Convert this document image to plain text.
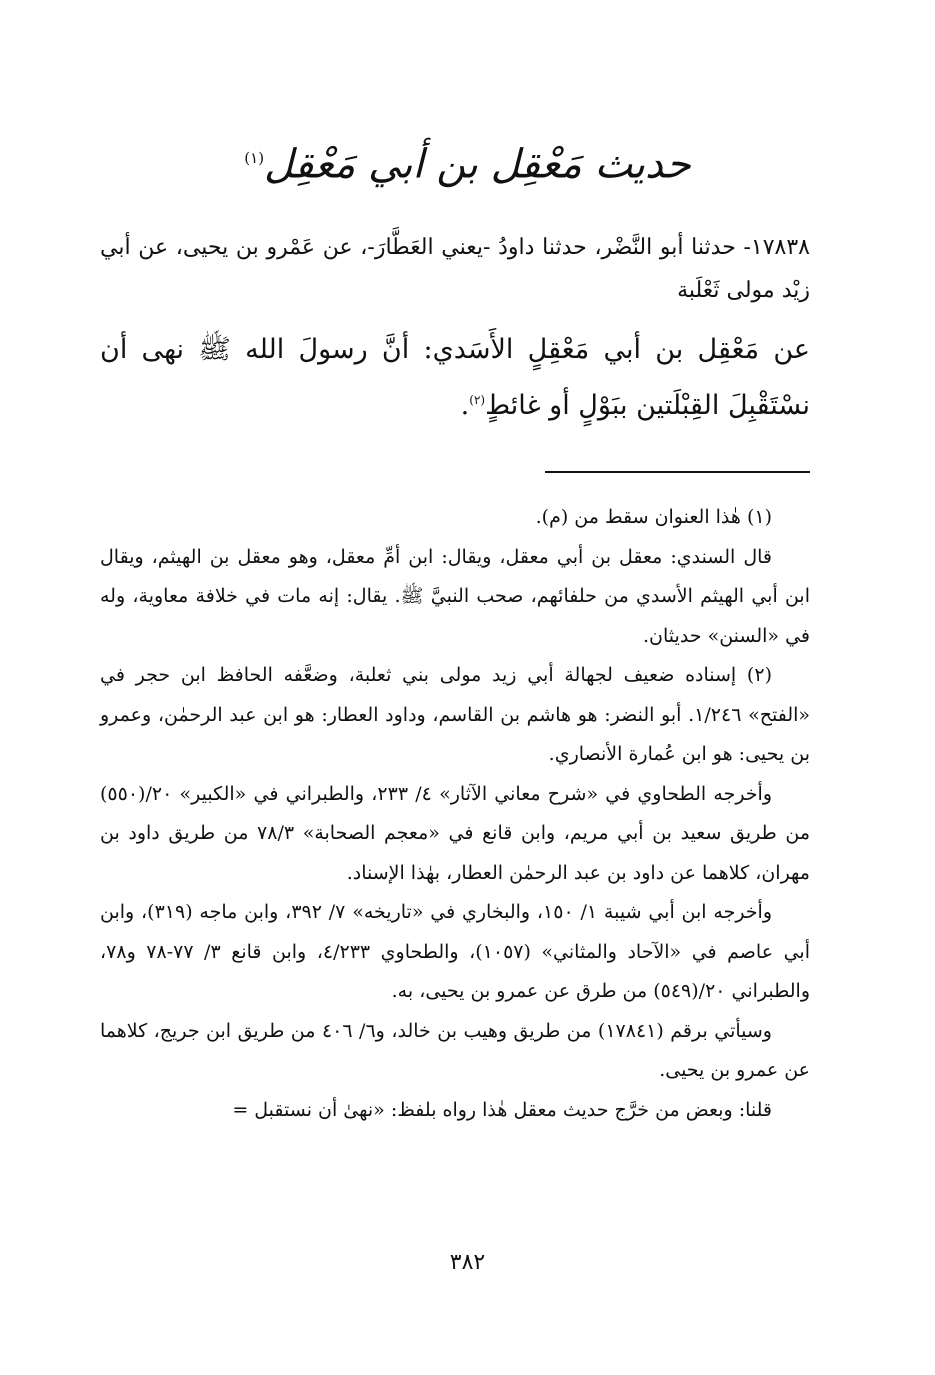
حديث مَعْقِل بن أبي مَعْقِل$^{(١)}$
١٧٨٣٨- حدثنا أبو النَّضْر، حدثنا داودُ -يعني العَطَّارَ-، عن عَمْرو بن يحيى، عن أبي زيْد مولى ثَعْلَبة
عن مَعْقِل بن أبي مَعْقِلٍ الأَسَدي: أنَّ رسولَ الله ﷺ نهى أن نسْتَقْبِلَ القِبْلَتين ببَوْلٍ أو غائطٍ$^{(٢)}$.

(١) هٰذا العنوان سقط من (م).

قال السندي: معقل بن أبي معقل، ويقال: ابن أمِّ معقل، وهو معقل بن الهيثم، ويقال ابن أبي الهيثم الأسدي من حلفائهم، صحب النبيَّ ﷺ. يقال: إنه مات في خلافة معاوية، وله في «السنن» حديثان.

(٢) إسناده ضعيف لجهالة أبي زيد مولى بني ثعلبة، وضعَّفه الحافظ ابن حجر في «الفتح» ١/٢٤٦. أبو النضر: هو هاشم بن القاسم، وداود العطار: هو ابن عبد الرحمٰن، وعمرو بن يحيى: هو ابن عُمارة الأنصاري.

وأخرجه الطحاوي في «شرح معاني الآثار» ٤/ ٢٣٣، والطبراني في «الكبير» ٢٠/(٥٥٠) من طريق سعيد بن أبي مريم، وابن قانع في «معجم الصحابة» ٧٨/٣ من طريق داود بن مهران، كلاهما عن داود بن عبد الرحمٰن العطار، بهٰذا الإسناد.

وأخرجه ابن أبي شيبة ١/ ١٥٠، والبخاري في «تاريخه» ٧/ ٣٩٢، وابن ماجه (٣١٩)، وابن أبي عاصم في «الآحاد والمثاني» (١٠٥٧)، والطحاوي ٤/٢٣٣، وابن قانع ٣/ ٧٧-٧٨ و٧٨، والطبراني ٢٠/(٥٤٩) من طرق عن عمرو بن يحيى، به.

وسيأتي برقم (١٧٨٤١) من طريق وهيب بن خالد، و٦/ ٤٠٦ من طريق ابن جريج، كلاهما عن عمرو بن يحيى.

قلنا: وبعض من خرَّج حديث معقل هٰذا رواه بلفظ: «نهىٰ أن نستقبل =

٣٨٢
